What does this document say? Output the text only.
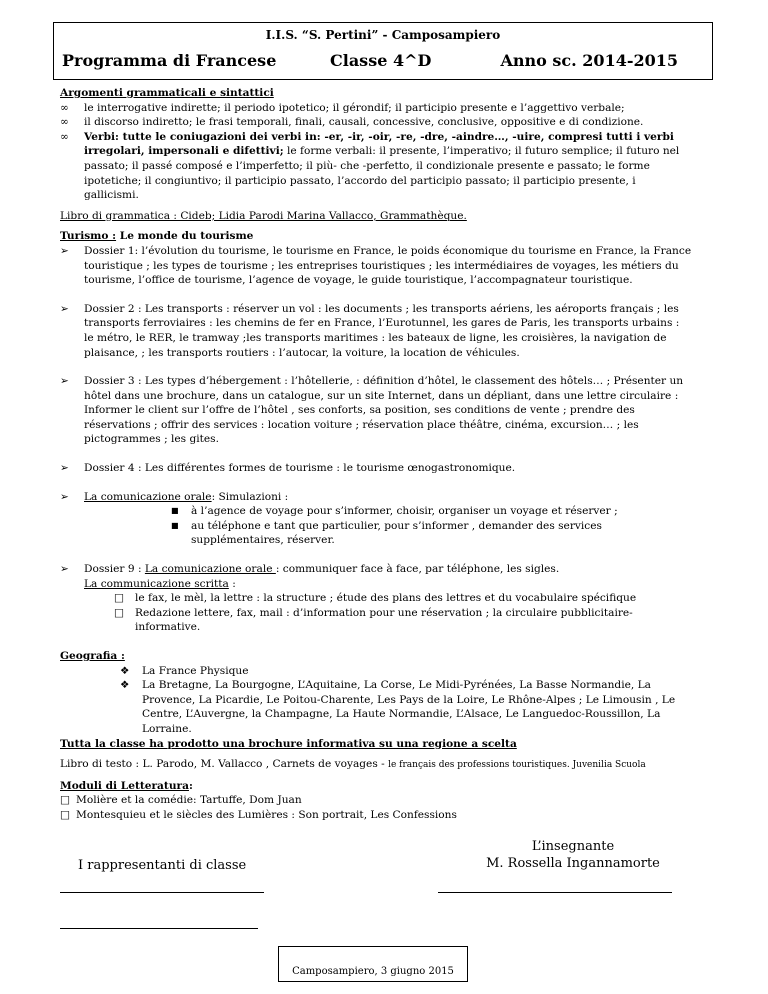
I.I.S. “S. Pertini” - Camposampiero
Programma di Francese	Classe 4^D	Anno sc. 2014-2015

Argomenti grammaticali e sintattici

∞ le interrogative indirette; il periodo ipotetico; il gérondif; il participio presente e l’aggettivo verbale;
∞ il discorso indiretto; le frasi temporali, finali, causali, concessive, conclusive, oppositive e di condizione.
∞ Verbi: tutte le coniugazioni dei verbi in: -er, -ir, -oir, -re, -dre, -aindre…, -uire, compresi tutti i verbi irregolari, impersonali e difettivi; le forme verbali: il presente, l’imperativo; il futuro semplice; il futuro nel passato; il passé composé e l’imperfetto; il più- che -perfetto, il condizionale presente e passato; le forme ipotetiche; il congiuntivo; il participio passato, l’accordo del participio passato; il participio presente, i gallicismi.

Libro di grammatica : Cideb; Lidia Parodi Marina Vallacco, Grammathèque.

Turismo : Le monde du tourisme

➢ Dossier 1: l’évolution du tourisme, le tourisme en France, le poids économique du tourisme en France, la France touristique ; les types de tourisme ; les entreprises touristiques ; les intermédiaires de voyages, les métiers du tourisme, l’office de tourisme, l’agence de voyage, le guide touristique, l’accompagnateur touristique.
➢ Dossier 2 : Les transports : réserver un vol : les documents ; les transports aériens, les aéroports français ; les transports ferroviaires : les chemins de fer en France, l’Eurotunnel, les gares de Paris, les transports urbains : le métro, le RER, le tramway ;les transports maritimes : les bateaux de ligne, les croisières, la navigation de plaisance, ; les transports routiers : l’autocar, la voiture, la location de véhicules.
➢ Dossier 3 : Les types d’hébergement : l’hôtellerie, : définition d’hôtel, le classement des hôtels… ; Présenter un hôtel dans une brochure, dans un catalogue, sur un site Internet, dans un dépliant, dans une lettre circulaire : Informer le client sur l’offre de l’hôtel , ses conforts, sa position, ses conditions de vente ; prendre des réservations ; offrir des services : location voiture ; réservation place théâtre, cinéma, excursion… ; les pictogrammes ; les gites.
➢ Dossier 4 : Les différentes formes de tourisme : le tourisme œnogastronomique.
➢ La comunicazione orale: Simulazioni :
■ à l’agence de voyage pour s’informer, choisir, organiser un voyage et réserver ;
■ au téléphone e tant que particulier, pour s’informer , demander des services supplémentaires, réserver.
➢ Dossier 9 : La comunicazione orale : communiquer face à face, par téléphone, les sigles.
La communicazione scritta :
□ le fax, le mèl, la lettre : la structure ; étude des plans des lettres et du vocabulaire spécifique
□ Redazione lettere, fax, mail : d’information pour une réservation ; la circulaire pubblicitaire-informative.

Geografia :

❖ La France Physique
❖ La Bretagne, La Bourgogne, L’Aquitaine, La Corse, Le Midi-Pyrénées, La Basse Normandie, La Provence, La Picardie, Le Poitou-Charente, Les Pays de la Loire, Le Rhône-Alpes ; Le Limousin , Le Centre, L’Auvergne, la Champagne, La Haute Normandie, L’Alsace, Le Languedoc-Roussillon, La Lorraine.

Tutta la classe ha prodotto una brochure informativa su una regione a scelta

Libro di testo : L. Parodo, M. Vallacco , Carnets de voyages - le français des professions touristiques. Juvenilia Scuola

Moduli di Letteratura:

□ Molière et la comédie: Tartuffe, Dom Juan
□ Montesquieu et le siècles des Lumières : Son portrait, Les Confessions
I rappresentanti di classe
L’insegnante
M. Rossella Ingannamorte
Camposampiero, 3 giugno 2015
